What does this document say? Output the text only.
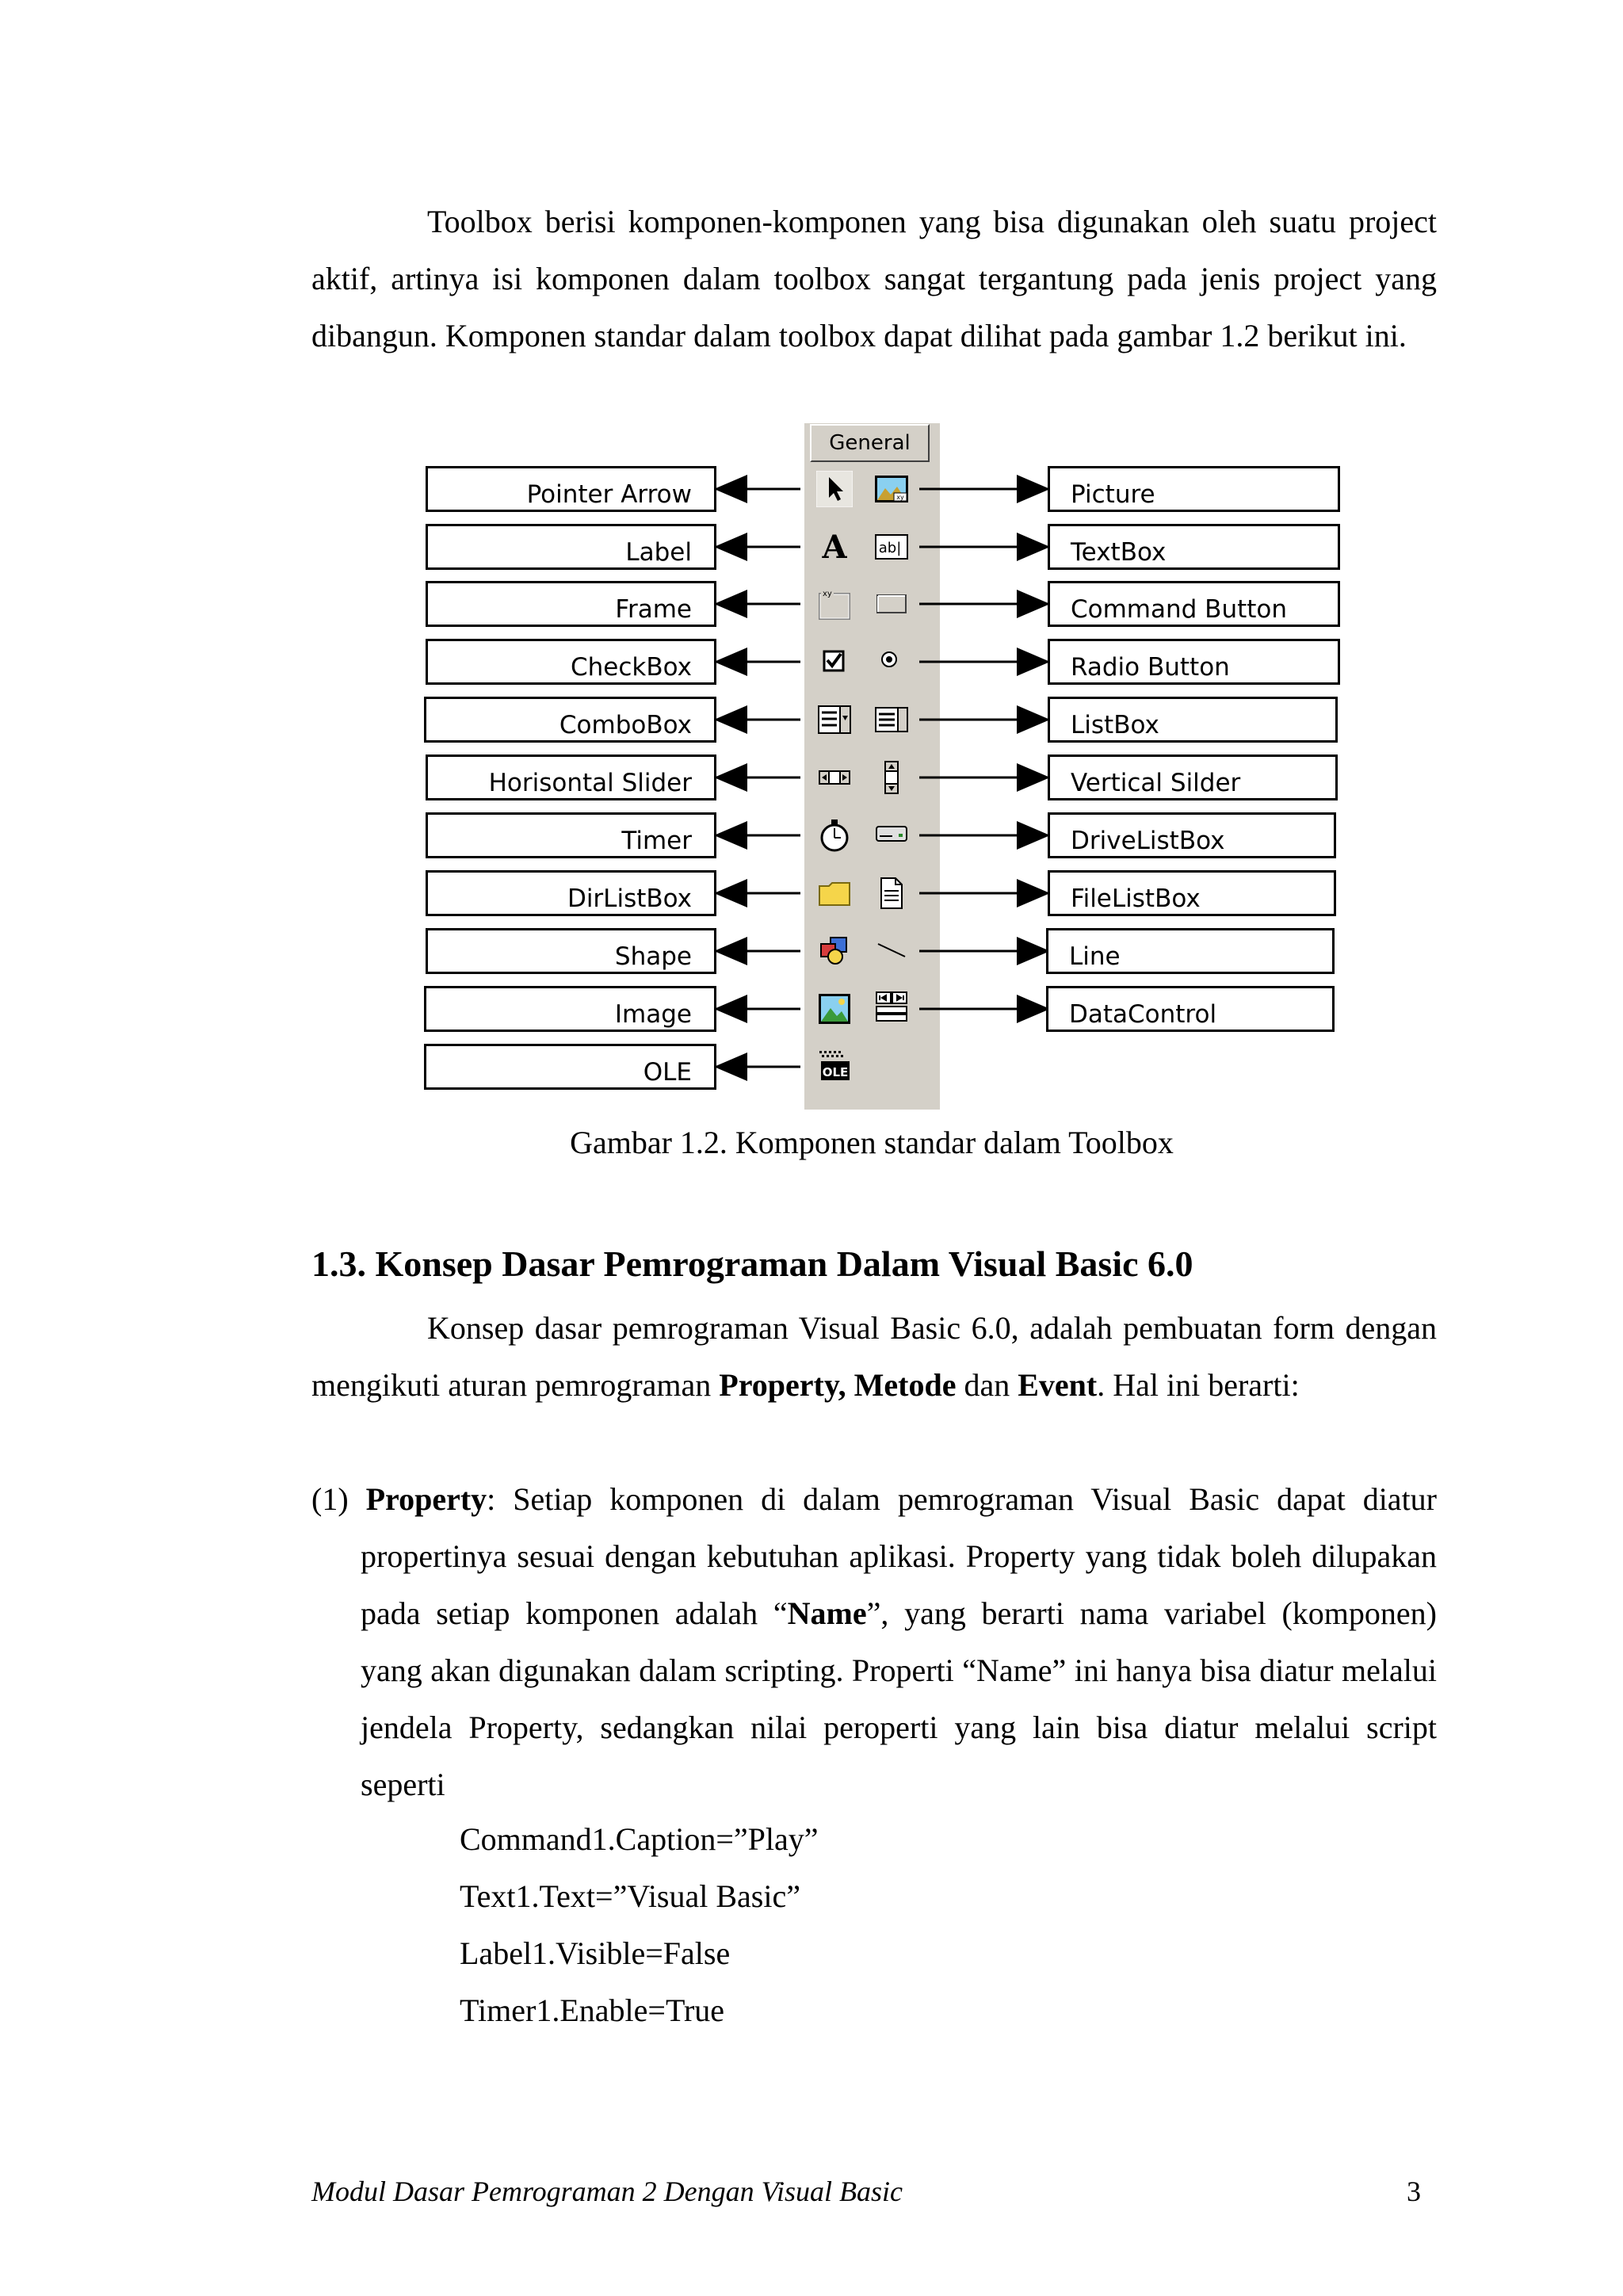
Toolbox berisi komponen-komponen yang bisa digunakan oleh suatu project aktif, artinya isi komponen dalam toolbox sangat tergantung pada jenis project yang dibangun. Komponen standar dalam toolbox dapat dilihat pada gambar 1.2 berikut ini.

General
Pointer Arrow
Label
Frame
CheckBox
ComboBox
Horisontal Slider
Timer
DirListBox
Shape
Image
OLE
Picture
TextBox
Command Button
Radio Button
ListBox
Vertical Silder
DriveListBox
FileListBox
Line
DataControl
A
xy
OLE
xy
ab|
Gambar 1.2. Komponen standar dalam Toolbox
1.3. Konsep Dasar Pemrograman Dalam Visual Basic 6.0

Konsep dasar pemrograman Visual Basic 6.0, adalah pembuatan form dengan mengikuti aturan pemrograman Property, Metode dan Event. Hal ini berarti:

(1) Property: Setiap komponen di dalam pemrograman Visual Basic dapat diatur propertinya sesuai dengan kebutuhan aplikasi. Property yang tidak boleh dilupakan pada setiap komponen adalah “Name”, yang berarti nama variabel (komponen) yang akan digunakan dalam scripting. Properti “Name” ini hanya bisa diatur melalui jendela Property, sedangkan nilai peroperti yang lain bisa diatur melalui script seperti
Command1.Caption=”Play”
Text1.Text=”Visual Basic”
Label1.Visible=False
Timer1.Enable=True
Modul Dasar Pemrograman 2 Dengan Visual Basic	3
